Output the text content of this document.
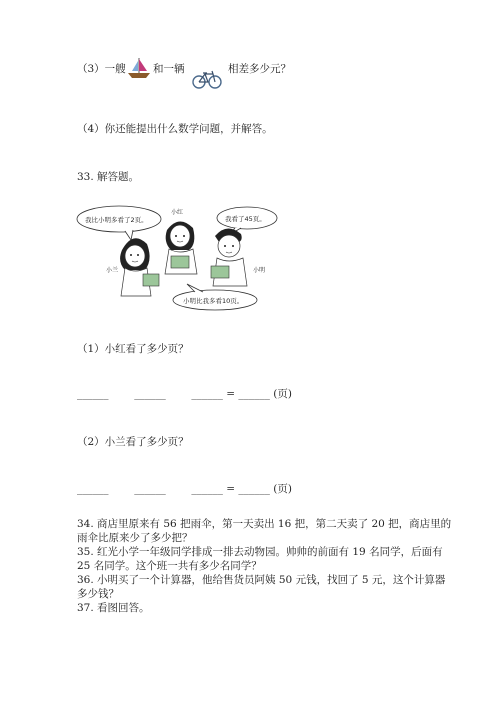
（3）一艘	和一辆	相差多少元？
（4）你还能提出什么数学问题，并解答。
33. 解答题。
我比小明多看了2页。	我看了45页。
小明比我多看10页。
小红
小兰	小明
（1）小红看了多少页？
______ ______ ______ = ______ (页)
（2）小兰看了多少页？
______ ______ ______ = ______ (页)
34. 商店里原来有 56 把雨伞，第一天卖出 16 把，第二天卖了 20 把，商店里的
雨伞比原来少了多少把？
35. 红光小学一年级同学排成一排去动物园。帅帅的前面有 19 名同学，后面有
25 名同学。这个班一共有多少名同学？
36. 小明买了一个计算器，他给售货员阿姨 50 元钱，找回了 5 元，这个计算器
多少钱？
37. 看图回答。
